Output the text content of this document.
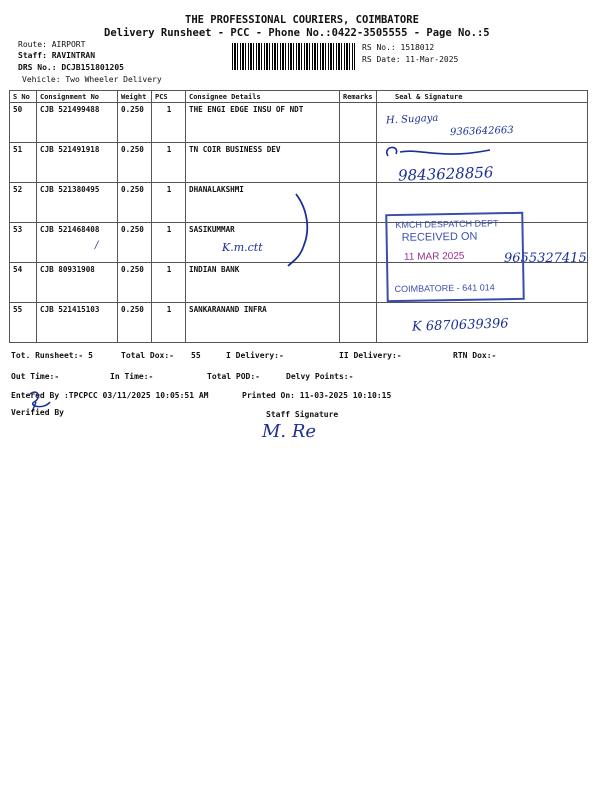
THE PROFESSIONAL COURIERS, COIMBATORE
Delivery Runsheet - PCC - Phone No.:0422-3505555 - Page No.:5
Route: AIRPORT
Staff: RAVINTRAN
DRS No.: DCJB151801205
Vehicle: Two Wheeler Delivery
RS No.: 1518012
RS Date: 11-Mar-2025
S No	Consignment No	Weight	PCS	Consignee Details	Remarks	Seal & Signature
50	CJB 521499488	0.250	1	THE ENGI EDGE INSU OF NDT		
51	CJB 521491918	0.250	1	TN COIR BUSINESS DEV		
52	CJB 521380495	0.250	1	DHANALAKSHMI		
53	CJB 521468408	0.250	1	SASIKUMMAR		
54	CJB 80931908	0.250	1	INDIAN BANK		
55	CJB 521415103	0.250	1	SANKARANAND INFRA		
H. Sugaya
9363642663
9843628856
K.m.ctt
/
9655327415
K 6870639396
KMCH DESPATCH DEPT
RECEIVED ON
11 MAR 2025
COIMBATORE - 641 014
Tot. Runsheet:- 5	Total Dox:- 55	I Delivery:-	II Delivery:-	RTN Dox:-
Out Time:-	In Time:-	Total POD:-	Delvy Points:-
Entered By :TPCPCC 03/11/2025 10:05:51 AM	Printed On: 11-03-2025 10:10:15
Verified By	Staff Signature
M. Re
